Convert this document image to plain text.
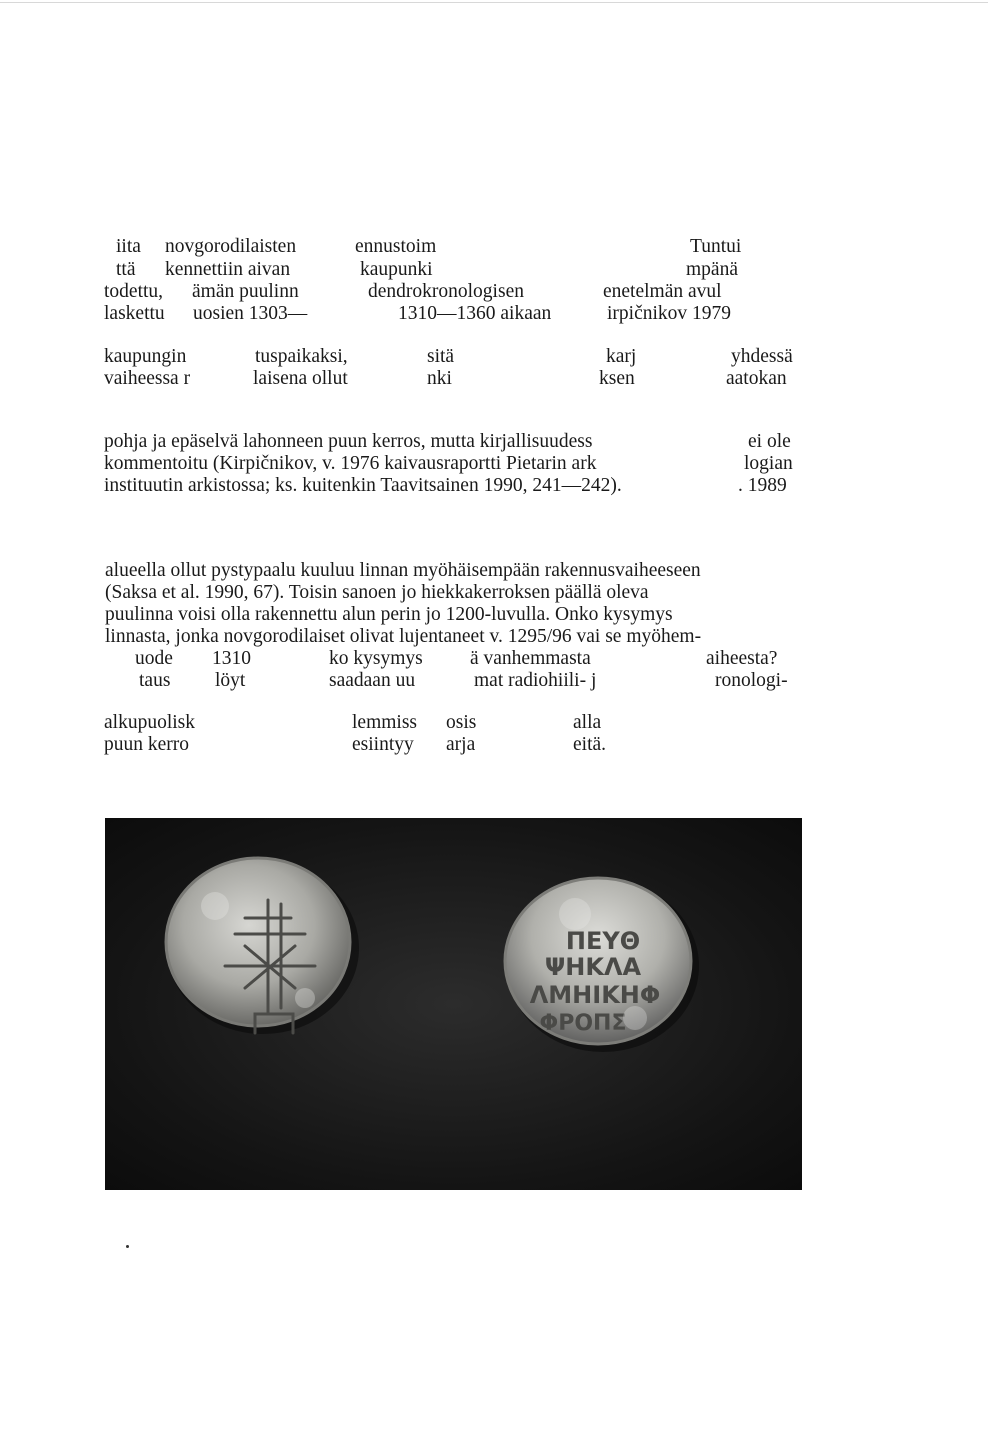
iita novgorodilaisten	ennustoim	Tuntui
ttä kennettiin aivan	kaupunki	mpänä
todettu, ämän puulinn	dendrokronologisen	enetelmän avul
laskettu uosien 1303—	1310—1360 aikaan	irpičnikov 1979
kaupungin	tuspaikaksi,	sitä	karj	yhdessä
vaiheessa r	laisena ollut	nki	ksen	aatokan
pohja ja epäselvä lahonneen puun kerros, mutta kirjallisuudess	ei ole
kommentoitu (Kirpičnikov, v. 1976 kaivausraportti Pietarin ark	logian
instituutin arkistossa; ks. kuitenkin Taavitsainen 1990, 241—242).	. 1989
alueella ollut pystypaalu kuuluu linnan myöhäisempään rakennusvaiheeseen
(Saksa et al. 1990, 67). Toisin sanoen jo hiekkakerroksen päällä oleva
puulinna voisi olla rakennettu alun perin jo 1200-luvulla. Onko kysymys
linnasta, jonka novgorodilaiset olivat lujentaneet v. 1295/96 vai se myöhem-
uode 1310	ko kysymys ä vanhemmasta	aiheesta?
taus löyt	saadaan uu	mat radiohiili- j	ronologi-
alkupuolisk	lemmiss osis	alla
puun kerro	esiintyy arja	eitä.
ΠΕΥΘ
ΨΗΚΛΑ
ΛΜΗΙΚΗΦ
ΦΡΟΠΣ
